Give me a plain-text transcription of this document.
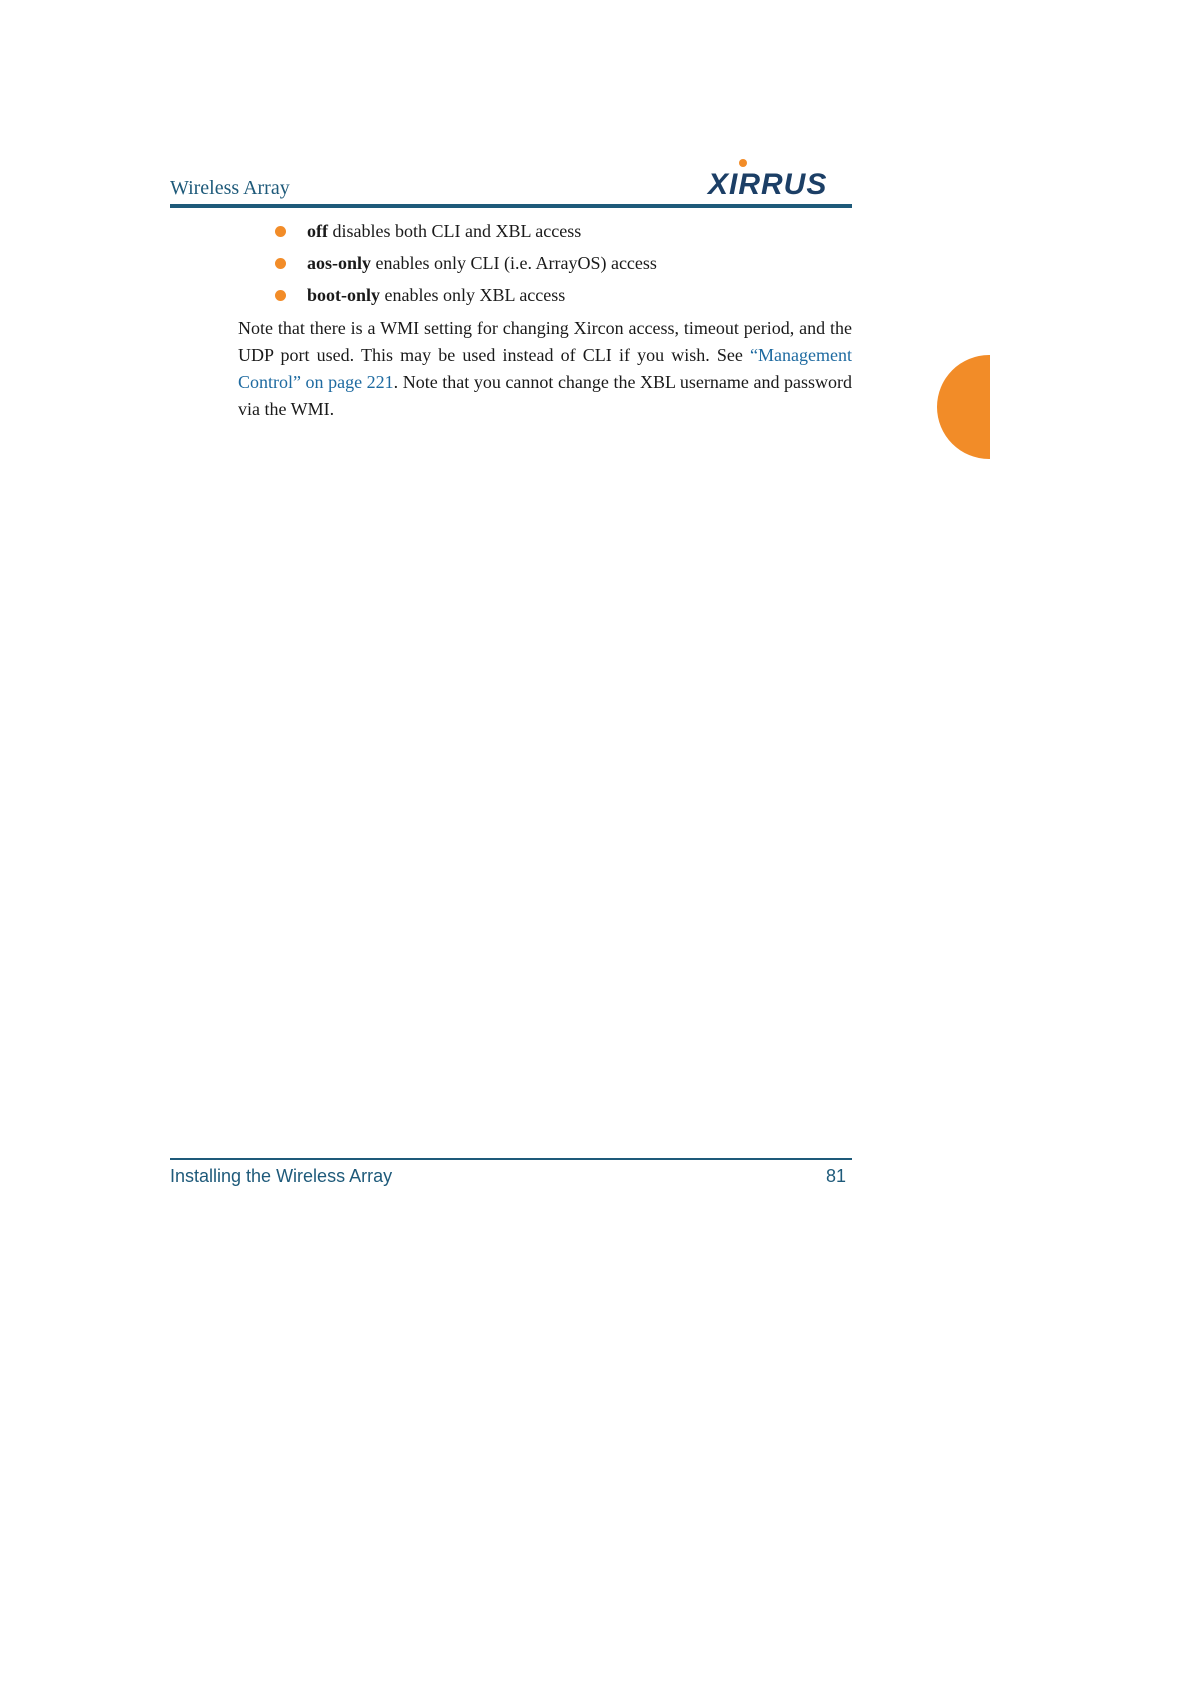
Wireless Array	XIRRUS
off disables both CLI and XBL access
aos-only enables only CLI (i.e. ArrayOS) access
boot-only enables only XBL access

Note that there is a WMI setting for changing Xircon access, timeout period, and the UDP port used. This may be used instead of CLI if you wish. See “Management Control” on page 221. Note that you cannot change the XBL username and password via the WMI.

Installing the Wireless Array	81
